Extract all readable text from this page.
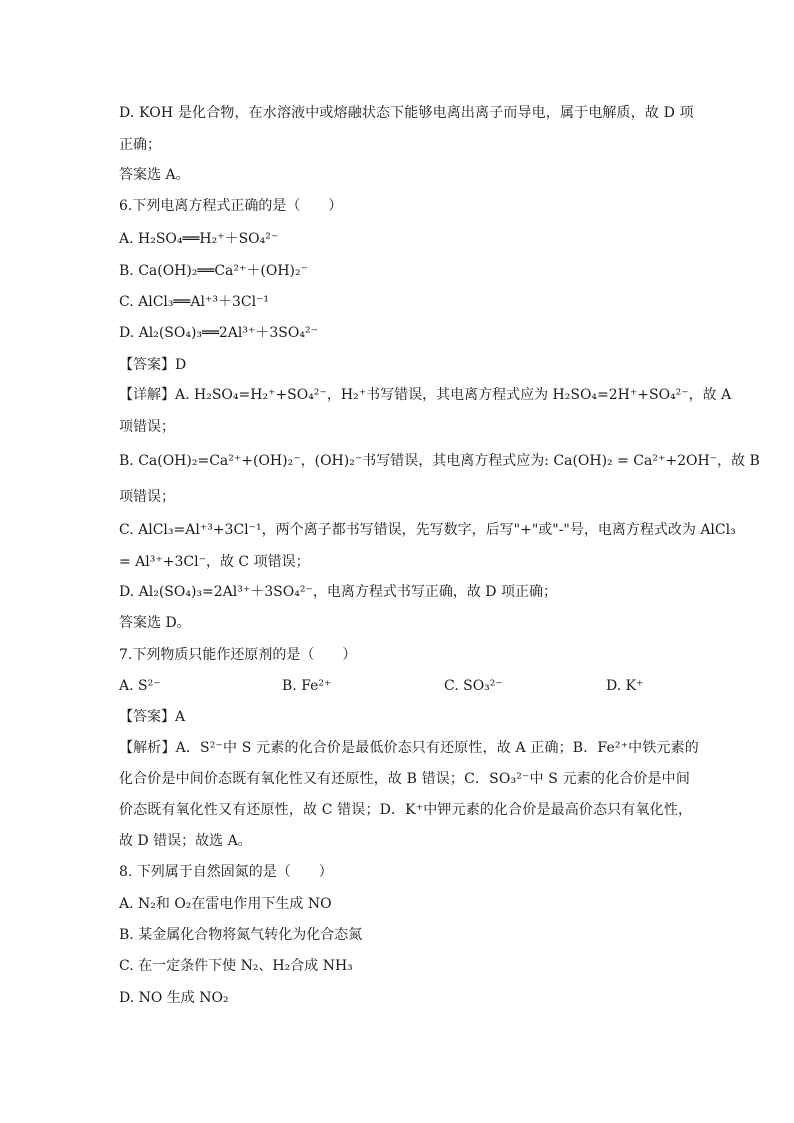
D. KOH 是化合物，在水溶液中或熔融状态下能够电离出离子而导电，属于电解质，故 D 项
正确；
答案选 A。
6.下列电离方程式正确的是（　　）
A. H₂SO₄══H₂⁺＋SO₄²⁻
B. Ca(OH)₂══Ca²⁺＋(OH)₂⁻
C. AlCl₃══Al⁺³＋3Cl⁻¹
D. Al₂(SO₄)₃══2Al³⁺＋3SO₄²⁻
【答案】D
【详解】A. H₂SO₄=H₂⁺+SO₄²⁻，H₂⁺书写错误，其电离方程式应为 H₂SO₄=2H⁺+SO₄²⁻，故 A
项错误；
B. Ca(OH)₂=Ca²⁺+(OH)₂⁻，(OH)₂⁻书写错误，其电离方程式应为: Ca(OH)₂ = Ca²⁺+2OH⁻，故 B
项错误；
C. AlCl₃=Al⁺³+3Cl⁻¹，两个离子都书写错误，先写数字，后写"+"或"-"号，电离方程式改为 AlCl₃
= Al³⁺+3Cl⁻，故 C 项错误；
D. Al₂(SO₄)₃=2Al³⁺＋3SO₄²⁻，电离方程式书写正确，故 D 项正确；
答案选 D。
7.下列物质只能作还原剂的是（　　）
A. S²⁻	B. Fe²⁺	C. SO₃²⁻	D. K⁺
【答案】A
【解析】A．S²⁻中 S 元素的化合价是最低价态只有还原性，故 A 正确；B．Fe²⁺中铁元素的
化合价是中间价态既有氧化性又有还原性，故 B 错误；C．SO₃²⁻中 S 元素的化合价是中间
价态既有氧化性又有还原性，故 C 错误；D．K⁺中钾元素的化合价是最高价态只有氧化性，
故 D 错误；故选 A。
8. 下列属于自然固氮的是（　　）
A. N₂和 O₂在雷电作用下生成 NO
B. 某金属化合物将氮气转化为化合态氮
C. 在一定条件下使 N₂、H₂合成 NH₃
D. NO 生成 NO₂
